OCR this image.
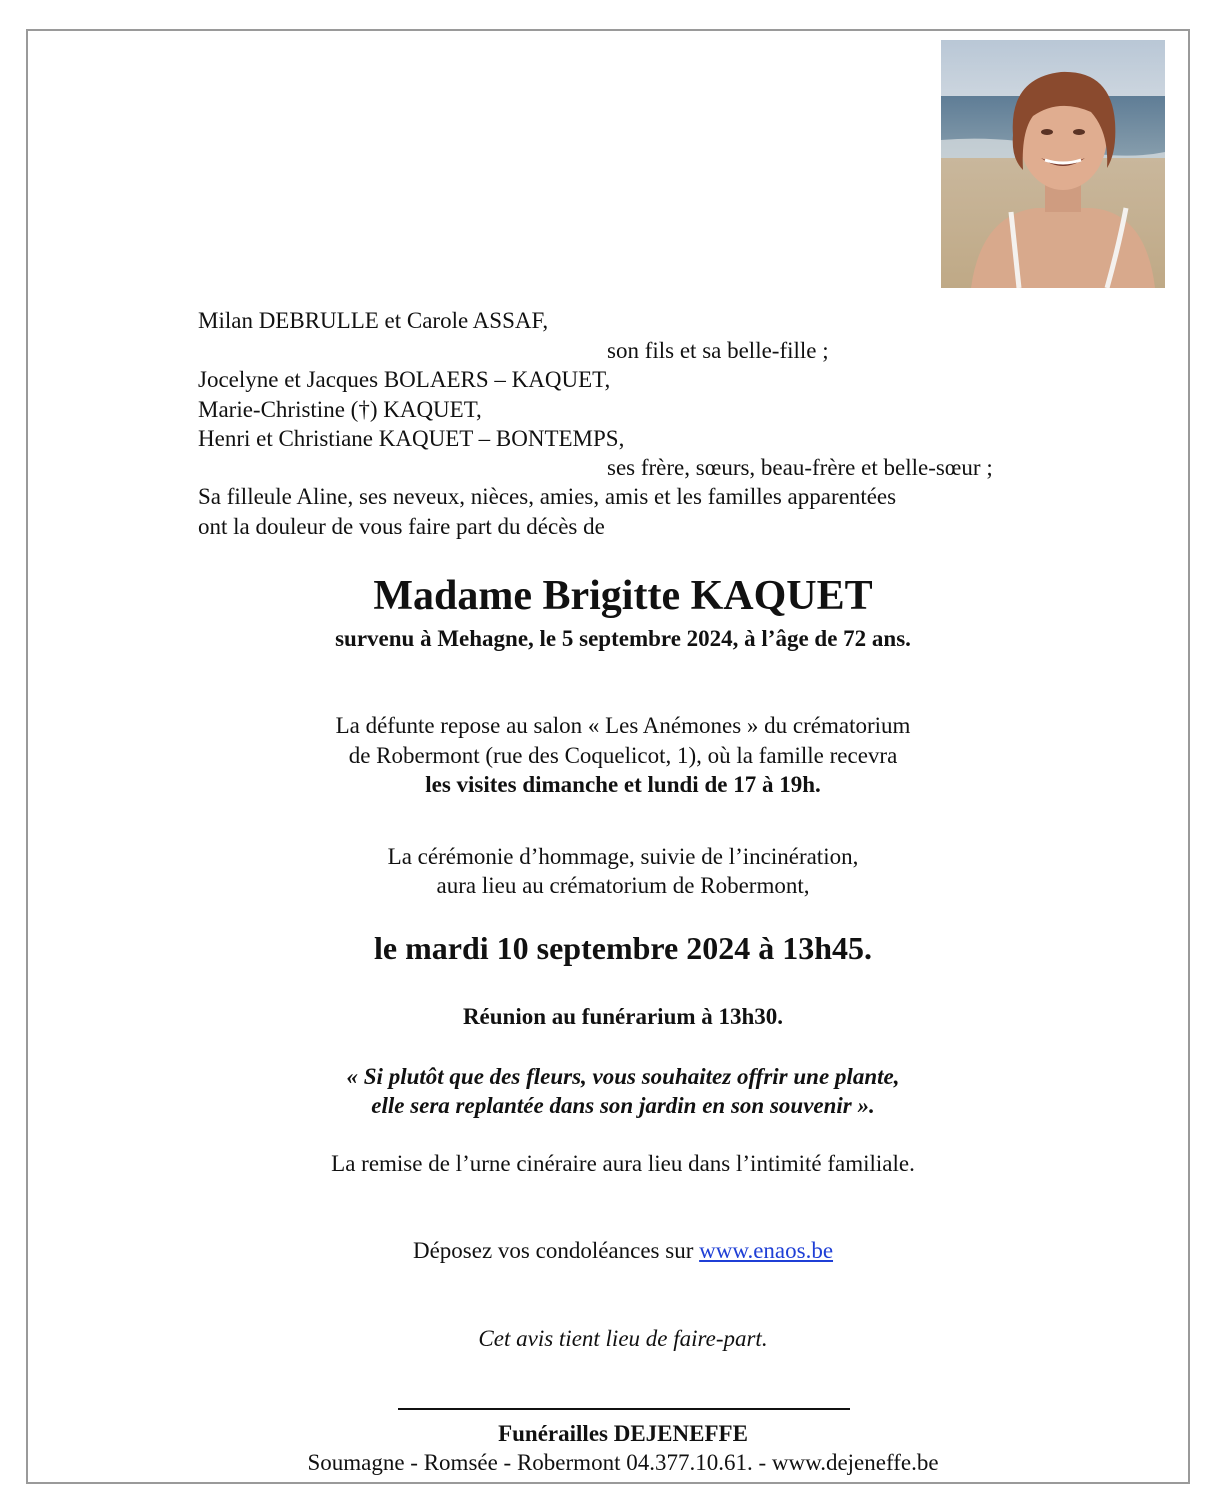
Milan DEBRULLE et Carole ASSAF,
son fils et sa belle-fille ;
Jocelyne et Jacques BOLAERS – KAQUET,
Marie-Christine (†) KAQUET,
Henri et Christiane KAQUET – BONTEMPS,
ses frère, sœurs, beau-frère et belle-sœur ;
Sa filleule Aline, ses neveux, nièces, amies, amis et les familles apparentées
ont la douleur de vous faire part du décès de
Madame Brigitte KAQUET
survenu à Mehagne, le 5 septembre 2024, à l’âge de 72 ans.
La défunte repose au salon « Les Anémones » du crématorium
de Robermont (rue des Coquelicot, 1), où la famille recevra
les visites dimanche et lundi de 17 à 19h.
La cérémonie d’hommage, suivie de l’incinération,
aura lieu au crématorium de Robermont,
le mardi 10 septembre 2024 à 13h45.
Réunion au funérarium à 13h30.
« Si plutôt que des fleurs, vous souhaitez offrir une plante,
elle sera replantée dans son jardin en son souvenir ».
La remise de l’urne cinéraire aura lieu dans l’intimité familiale.
Déposez vos condoléances sur www.enaos.be
Cet avis tient lieu de faire-part.
Funérailles DEJENEFFE
Soumagne - Romsée - Robermont 04.377.10.61. - www.dejeneffe.be
